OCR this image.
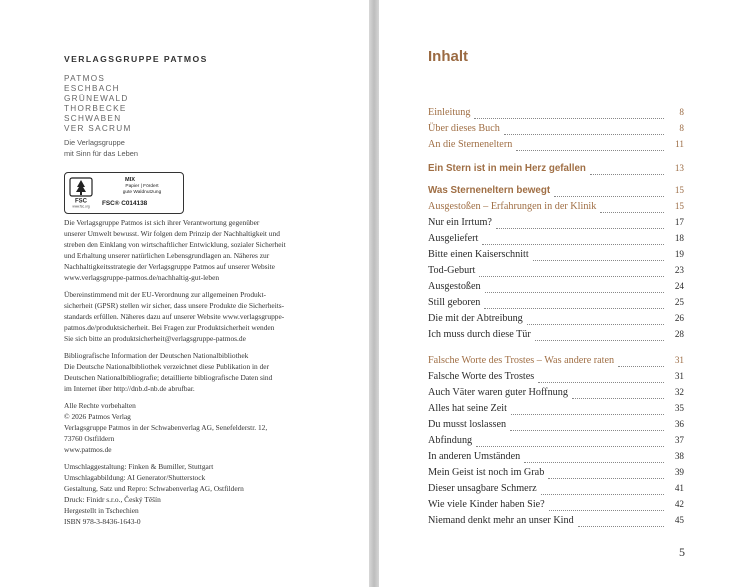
VERLAGSGRUPPE PATMOS
PATMOS
ESCHBACH
GRÜNEWALD
THORBECKE
SCHWABEN
VER SACRUM
Die Verlagsgruppe
mit Sinn für das Leben
FSC
www.fsc.org
MIX
Papier | Fördert
gute Waldnutzung
FSC® C014138
Die Verlagsgruppe Patmos ist sich ihrer Verantwortung gegenüber
unserer Umwelt bewusst. Wir folgen dem Prinzip der Nachhaltigkeit und
streben den Einklang von wirtschaftlicher Entwicklung, sozialer Sicherheit
und Erhaltung unserer natürlichen Lebensgrundlagen an. Näheres zur
Nachhaltigkeitsstrategie der Verlagsgruppe Patmos auf unserer Website
www.verlagsgruppe-patmos.de/nachhaltig-gut-leben
Übereinstimmend mit der EU-Verordnung zur allgemeinen Produkt-
sicherheit (GPSR) stellen wir sicher, dass unsere Produkte die Sicherheits-
standards erfüllen. Näheres dazu auf unserer Website www.verlagsgruppe-
patmos.de/produktsicherheit. Bei Fragen zur Produktsicherheit wenden
Sie sich bitte an produktsicherheit@verlagsgruppe-patmos.de
Bibliografische Information der Deutschen Nationalbibliothek
Die Deutsche Nationalbibliothek verzeichnet diese Publikation in der
Deutschen Nationalbibliografie; detaillierte bibliografische Daten sind
im Internet über http://dnb.d-nb.de abrufbar.
Alle Rechte vorbehalten
© 2026 Patmos Verlag
Verlagsgruppe Patmos in der Schwabenverlag AG, Senefelderstr. 12,
73760 Ostfildern
www.patmos.de
Umschlaggestaltung: Finken & Bumiller, Stuttgart
Umschlagabbildung: AI Generator/Shutterstock
Gestaltung, Satz und Repro: Schwabenverlag AG, Ostfildern
Druck: Finidr s.r.o., Český Těšín
Hergestellt in Tschechien
ISBN 978-3-8436-1643-0
Inhalt
Einleitung	8
Über dieses Buch	8
An die Sterneneltern	11
Ein Stern ist in mein Herz gefallen	13
Was Sterneneltern bewegt	15
Ausgestoßen – Erfahrungen in der Klinik	15
Nur ein Irrtum?	17
Ausgeliefert	18
Bitte einen Kaiserschnitt	19
Tod-Geburt	23
Ausgestoßen	24
Still geboren	25
Die mit der Abtreibung	26
Ich muss durch diese Tür	28
Falsche Worte des Trostes – Was andere raten	31
Falsche Worte des Trostes	31
Auch Väter waren guter Hoffnung	32
Alles hat seine Zeit	35
Du musst loslassen	36
Abfindung	37
In anderen Umständen	38
Mein Geist ist noch im Grab	39
Dieser unsagbare Schmerz	41
Wie viele Kinder haben Sie?	42
Niemand denkt mehr an unser Kind	45
5
